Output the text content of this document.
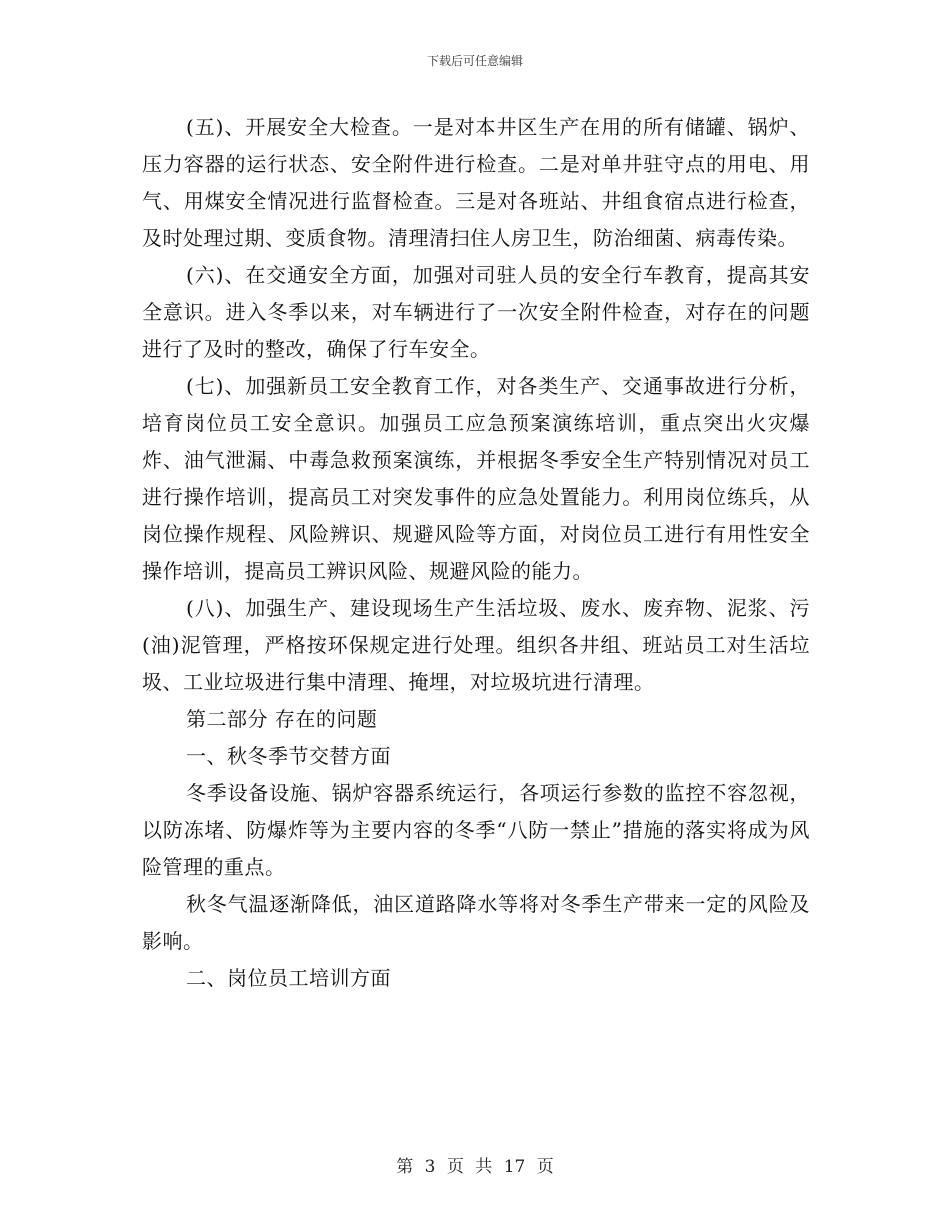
下载后可任意编辑

(五)、开展安全大检查。一是对本井区生产在用的所有储罐、锅炉、压力容器的运行状态、安全附件进行检查。二是对单井驻守点的用电、用气、用煤安全情况进行监督检查。三是对各班站、井组食宿点进行检查，及时处理过期、变质食物。清理清扫住人房卫生，防治细菌、病毒传染。

(六)、在交通安全方面，加强对司驻人员的安全行车教育，提高其安全意识。进入冬季以来，对车辆进行了一次安全附件检查，对存在的问题进行了及时的整改，确保了行车安全。

(七)、加强新员工安全教育工作，对各类生产、交通事故进行分析，培育岗位员工安全意识。加强员工应急预案演练培训，重点突出火灾爆炸、油气泄漏、中毒急救预案演练，并根据冬季安全生产特别情况对员工进行操作培训，提高员工对突发事件的应急处置能力。利用岗位练兵，从岗位操作规程、风险辨识、规避风险等方面，对岗位员工进行有用性安全操作培训，提高员工辨识风险、规避风险的能力。

(八)、加强生产、建设现场生产生活垃圾、废水、废弃物、泥浆、污(油)泥管理，严格按环保规定进行处理。组织各井组、班站员工对生活垃圾、工业垃圾进行集中清理、掩埋，对垃圾坑进行清理。

第二部分 存在的问题

一、秋冬季节交替方面

冬季设备设施、锅炉容器系统运行，各项运行参数的监控不容忽视，以防冻堵、防爆炸等为主要内容的冬季“八防一禁止”措施的落实将成为风险管理的重点。

秋冬气温逐渐降低，油区道路降水等将对冬季生产带来一定的风险及影响。

二、岗位员工培训方面

第 3 页 共 17 页
